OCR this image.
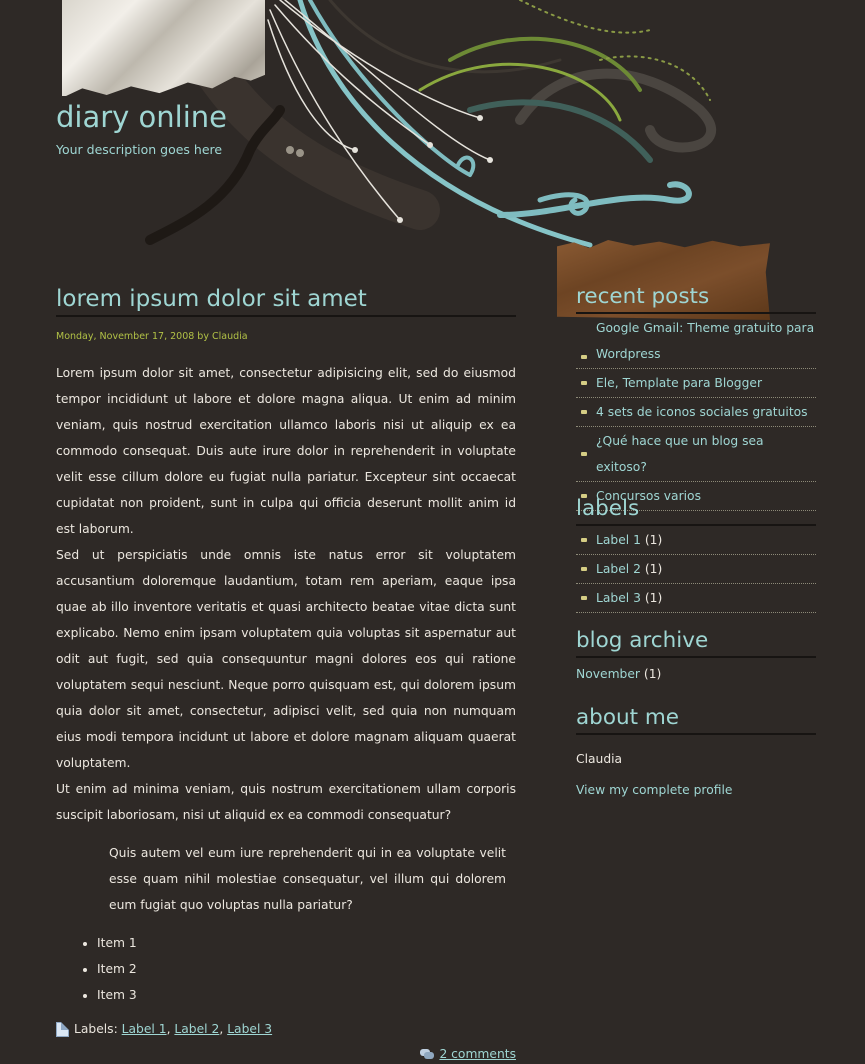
diary online

Your description goes here

lorem ipsum dolor sit amet
Monday, November 17, 2008 by Claudia

Lorem ipsum dolor sit amet, consectetur adipisicing elit, sed do eiusmod tempor incididunt ut labore et dolore magna aliqua. Ut enim ad minim veniam, quis nostrud exercitation ullamco laboris nisi ut aliquip ex ea commodo consequat. Duis aute irure dolor in reprehenderit in voluptate velit esse cillum dolore eu fugiat nulla pariatur. Excepteur sint occaecat cupidatat non proident, sunt in culpa qui officia deserunt mollit anim id est laborum.

Sed ut perspiciatis unde omnis iste natus error sit voluptatem accusantium doloremque laudantium, totam rem aperiam, eaque ipsa quae ab illo inventore veritatis et quasi architecto beatae vitae dicta sunt explicabo. Nemo enim ipsam voluptatem quia voluptas sit aspernatur aut odit aut fugit, sed quia consequuntur magni dolores eos qui ratione voluptatem sequi nesciunt. Neque porro quisquam est, qui dolorem ipsum quia dolor sit amet, consectetur, adipisci velit, sed quia non numquam eius modi tempora incidunt ut labore et dolore magnam aliquam quaerat voluptatem.

Ut enim ad minima veniam, quis nostrum exercitationem ullam corporis suscipit laboriosam, nisi ut aliquid ex ea commodi consequatur?

Quis autem vel eum iure reprehenderit qui in ea voluptate velit esse quam nihil molestiae consequatur, vel illum qui dolorem eum fugiat quo voluptas nulla pariatur?
• Item 1
• Item 2
• Item 3
Labels:
Label 1 ,
Label 2 ,
Label 3
2 comments
recent posts
Google Gmail: Theme gratuito para Wordpress
Ele, Template para Blogger
4 sets de iconos sociales gratuitos
¿Qué hace que un blog sea exitoso?
Concursos varios
labels
Label 1 (1)
Label 2 (1)
Label 3 (1)
blog archive
November (1)
about me
Claudia
View my complete profile
